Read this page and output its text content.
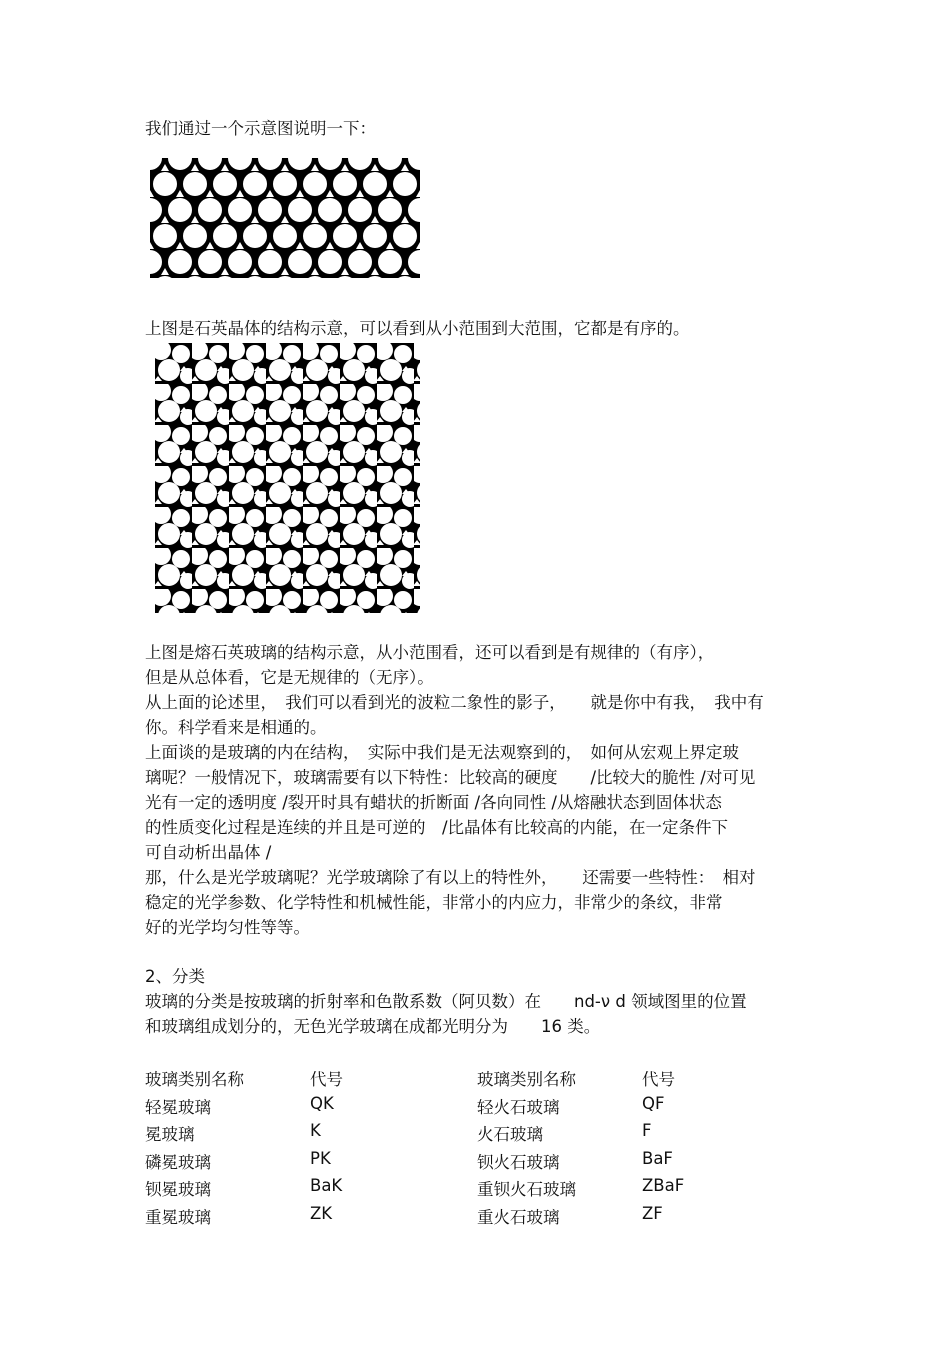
我们通过一个示意图说明一下：
上图是石英晶体的结构示意，可以看到从小范围到大范围，它都是有序的。
上图是熔石英玻璃的结构示意，从小范围看，还可以看到是有规律的（有序），
但是从总体看，它是无规律的（无序）。
从上面的论述里，　我们可以看到光的波粒二象性的影子，　　就是你中有我，　我中有
你。科学看来是相通的。
上面谈的是玻璃的内在结构，　实际中我们是无法观察到的，　如何从宏观上界定玻
璃呢？一般情况下，玻璃需要有以下特性：比较高的硬度　　/比较大的脆性 /对可见
光有一定的透明度 /裂开时具有蜡状的折断面 /各向同性 /从熔融状态到固体状态
的性质变化过程是连续的并且是可逆的　/比晶体有比较高的内能，在一定条件下
可自动析出晶体 /
那，什么是光学玻璃呢？光学玻璃除了有以上的特性外，　　还需要一些特性：　相对
稳定的光学参数、化学特性和机械性能，非常小的内应力，非常少的条纹，非常
好的光学均匀性等等。
2、分类
玻璃的分类是按玻璃的折射率和色散系数（阿贝数）在　　nd-ν d 领域图里的位置
和玻璃组成划分的，无色光学玻璃在成都光明分为　　16 类。
玻璃类别名称	代号	玻璃类别名称	代号
轻冕玻璃	QK	轻火石玻璃	QF
冕玻璃	K	火石玻璃	F
磷冕玻璃	PK	钡火石玻璃	BaF
钡冕玻璃	BaK	重钡火石玻璃	ZBaF
重冕玻璃	ZK	重火石玻璃	ZF
